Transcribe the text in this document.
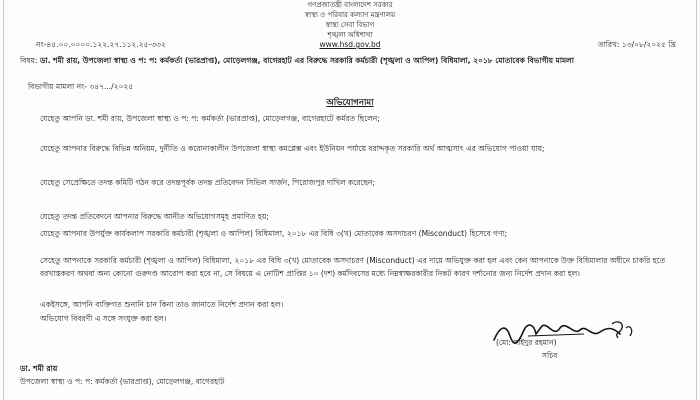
গণপ্রজাতন্ত্রী বাংলাদেশ সরকার
স্বাস্থ্য ও পরিবার কল্যাণ মন্ত্রণালয়
স্বাস্থ্য সেবা বিভাগ
শৃঙ্খলা অধিশাখা
www.hsd.gov.bd
নং-৪৫.০০.০০০০.১২২.২৭.১১২.২৫-৩৩২	তারিখ: ১৩/০৮/২০২৫ খ্রি
বিষয়: ডা. শমী রায়, উপজেলা স্বাস্থ্য ও প: প: কর্মকর্তা (ভারপ্রাপ্ত), মোড়েলগঞ্জ, বাগেরহাট এর বিরুদ্ধে সরকারি কর্মচারী (শৃঙ্খলা ও আপিল) বিধিমালা, ২০১৮ মোতাবেক বিভাগীয় মামলা
বিভাগীয় মামলা নং- ৩৪৭.../২০২৫
অভিযোগনামা

যেহেতু আপনি ডা. শমী রায়, উপজেলা স্বাস্থ্য ও প: প: কর্মকর্তা (ভারপ্রাপ্ত), মোড়েলগঞ্জ, বাগেরহাটে কর্মরত ছিলেন;

যেহেতু আপনার বিরুদ্ধে বিভিন্ন অনিয়ম, দুর্নীতি ও করোনাকালীন উপজেলা স্বাস্থ্য কমপ্লেক্স এবং ইউনিয়ন পর্যায়ে বরাদ্দকৃত সরকারি অর্থ আত্মসাৎ এর অভিযোগ পাওয়া যায়;

যেহেতু সেপ্রেক্ষিতে তদন্ত কমিটি গঠন করে তদন্তপূর্বক তদন্ত প্রতিবেদন সিভিল সার্জন, পিরোজপুর দাখিল করেছেন;

যেহেতু তদন্ত প্রতিবেদনে আপনার বিরুদ্ধে আনীত অভিযোগসমূহ প্রমাণিত হয়;

যেহেতু আপনার উপর্যুক্ত কার্যকলাপ সরকারি কর্মচারী (শৃঙ্খলা ও আপিল) বিধিমালা, ২০১৮ এর বিধি ৩(খ) মোতাবেক অসদাচরণ (Misconduct) হিসেবে গণ্য;

সেহেতু আপনাকে সরকারি কর্মচারী (শৃঙ্খলা ও আপিল) বিধিমালা, ২০১৮ এর বিধি ৩(খ) মোতাবেক অসদাচরণ (Misconduct) এর দায়ে অভিযুক্ত করা হল এবং কেন আপনাকে উক্ত বিধিমালার অধীনে চাকরি হতে বরখাস্তকরণ অথবা অন্য কোনো গুরুদণ্ড আরোপ করা হবে না, সে বিষয়ে এ নোটিশ প্রাপ্তির ১০ (দশ) কর্মদিবসের মধ্যে নিম্নস্বাক্ষরকারীর নিকট কারণ দর্শানোর জন্য নির্দেশ প্রদান করা হল।

একইসঙ্গে, আপনি ব্যক্তিগত শুনানি চান কিনা তাও জানাতে নির্দেশ প্রদান করা হল।

অভিযোগ বিবরণী এ সঙ্গে সংযুক্ত করা হল।

(মো: সাইদুর রহমান)
সচিব
ডা. শমী রায়
উপজেলা স্বাস্থ্য ও প: প: কর্মকর্তা (ভারপ্রাপ্ত), মোড়েলগঞ্জ, বাগেরহাট
